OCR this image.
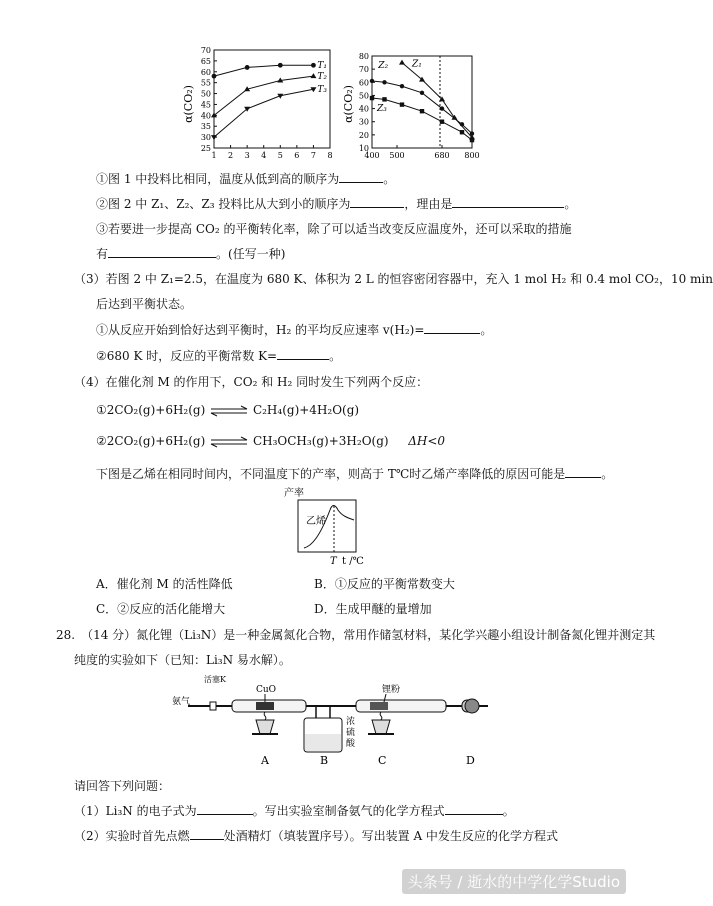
α(CO₂)
70
65
60
55
50
45
40
35
30
25
1 2 3 4 5 6 7 8
T₁
T₂
T₃ α(CO₂)
80
70
60
50
40
30
20
10
400 500	680 800
Z₁
Z₂
Z₃
①图 1 中投料比相同，温度从低到高的顺序为	。
②图 2 中 Z₁、Z₂、Z₃ 投料比从大到小的顺序为	，理由是	。
③若要进一步提高 CO₂ 的平衡转化率，除了可以适当改变反应温度外，还可以采取的措施
有	。(任写一种)
（3）若图 2 中 Z₁=2.5，在温度为 680 K、体积为 2 L 的恒容密闭容器中，充入 1 mol H₂ 和 0.4 mol CO₂，10 min
后达到平衡状态。
①从反应开始到恰好达到平衡时，H₂ 的平均反应速率 v(H₂)=	。
②680 K 时，反应的平衡常数 K=	。
（4）在催化剂 M 的作用下，CO₂ 和 H₂ 同时发生下列两个反应：
①2CO₂(g)+6H₂(g) ⇌ C₂H₄(g)+4H₂O(g)
②2CO₂(g)+6H₂(g) ⇌ CH₃OCH₃(g)+3H₂O(g) ΔH<0
下图是乙烯在相同时间内，不同温度下的产率，则高于 T℃时乙烯产率降低的原因可能是	。
产率
乙烯
T t /℃
A．催化剂 M 的活性降低	B．①反应的平衡常数变大
C．②反应的活化能增大	D．生成甲醚的量增加
28.　（14 分）氮化锂（Li₃N）是一种金属氮化合物，常用作储氢材料，某化学兴趣小组设计制备氮化锂并测定其
纯度的实验如下（已知：Li₃N 易水解）。
活塞K
氨气
CuO
浓
硫
酸
锂粉
A	B	C	D
请回答下列问题：
（1）Li₃N 的电子式为	。写出实验室制备氨气的化学方程式	。
（2）实验时首先点燃	处酒精灯（填装置序号）。写出装置 A 中发生反应的化学方程式
头条号 / 逝水的中学化学Studio
